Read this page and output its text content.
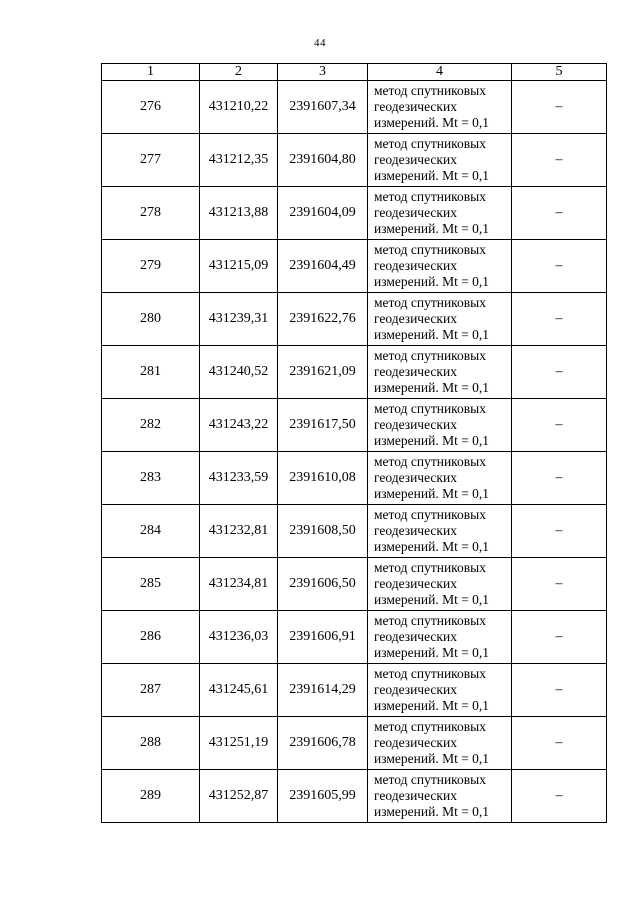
44
1	2	3	4	5
276	431210,22	2391607,34	метод спутниковых
геодезических
измерений. Mt = 0,1	–
277	431212,35	2391604,80	метод спутниковых
геодезических
измерений. Mt = 0,1	–
278	431213,88	2391604,09	метод спутниковых
геодезических
измерений. Mt = 0,1	–
279	431215,09	2391604,49	метод спутниковых
геодезических
измерений. Mt = 0,1	–
280	431239,31	2391622,76	метод спутниковых
геодезических
измерений. Mt = 0,1	–
281	431240,52	2391621,09	метод спутниковых
геодезических
измерений. Mt = 0,1	–
282	431243,22	2391617,50	метод спутниковых
геодезических
измерений. Mt = 0,1	–
283	431233,59	2391610,08	метод спутниковых
геодезических
измерений. Mt = 0,1	–
284	431232,81	2391608,50	метод спутниковых
геодезических
измерений. Mt = 0,1	–
285	431234,81	2391606,50	метод спутниковых
геодезических
измерений. Mt = 0,1	–
286	431236,03	2391606,91	метод спутниковых
геодезических
измерений. Mt = 0,1	–
287	431245,61	2391614,29	метод спутниковых
геодезических
измерений. Mt = 0,1	–
288	431251,19	2391606,78	метод спутниковых
геодезических
измерений. Mt = 0,1	–
289	431252,87	2391605,99	метод спутниковых
геодезических
измерений. Mt = 0,1	–
